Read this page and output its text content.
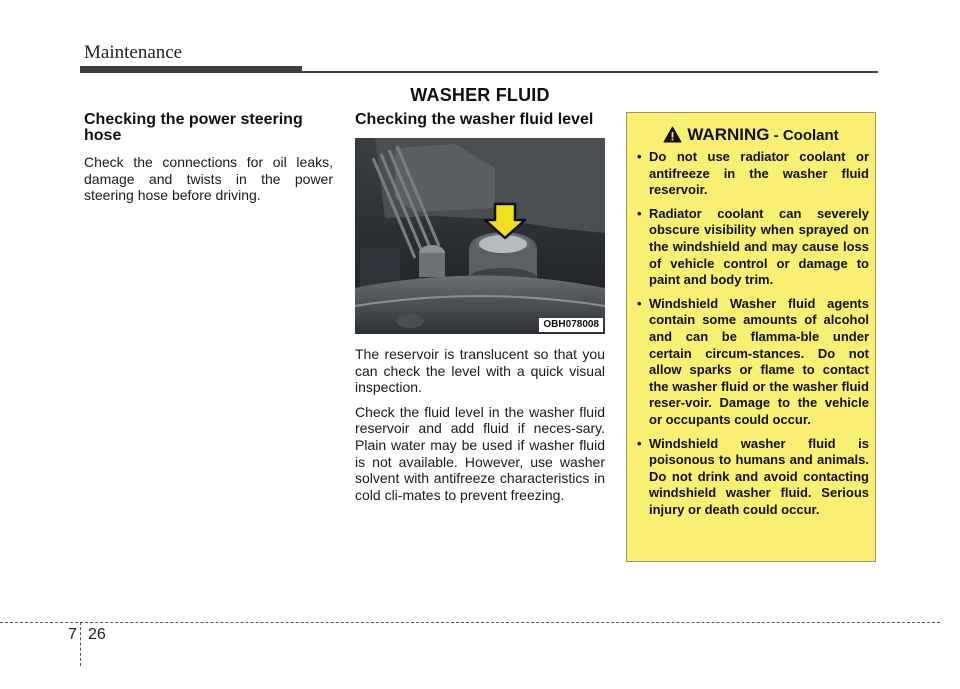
Maintenance
WASHER FLUID
Checking the power steering hose
Check the connections for oil leaks, damage and twists in the power steering hose before driving.
Checking the washer fluid level
OBH078008
The reservoir is translucent so that you can check the level with a quick visual inspection.
Check the fluid level in the washer fluid reservoir and add fluid if neces-sary. Plain water may be used if washer fluid is not available. However, use washer solvent with antifreeze characteristics in cold cli-mates to prevent freezing.
WARNING - Coolant
• Do not use radiator coolant or antifreeze in the washer fluid reservoir.
• Radiator coolant can severely obscure visibility when sprayed on the windshield and may cause loss of vehicle control or damage to paint and body trim.
• Windshield Washer fluid agents contain some amounts of alcohol and can be flamma-ble under certain circum-stances. Do not allow sparks or flame to contact the washer fluid or the washer fluid reser-voir. Damage to the vehicle or occupants could occur.
• Windshield washer fluid is poisonous to humans and animals. Do not drink and avoid contacting windshield washer fluid. Serious injury or death could occur.
7 26
